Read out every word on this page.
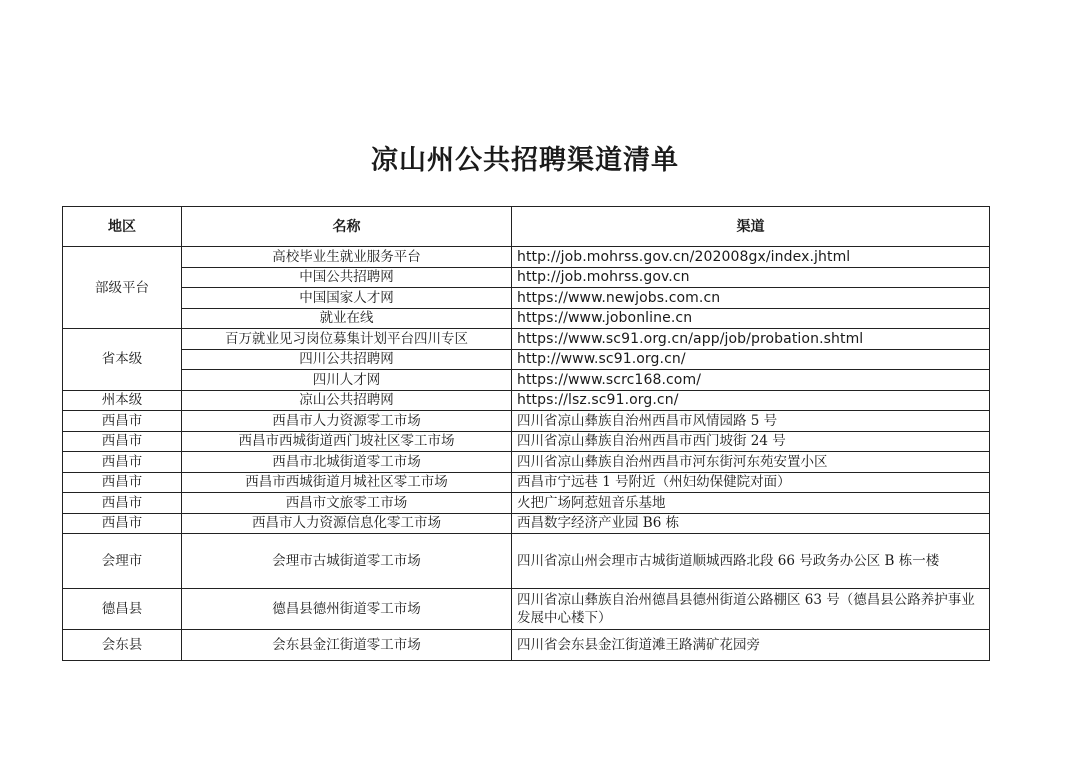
凉山州公共招聘渠道清单
地区	名称	渠道
部级平台	高校毕业生就业服务平台	http://job.mohrss.gov.cn/202008gx/index.jhtml
	中国公共招聘网	http://job.mohrss.gov.cn
	中国国家人才网	https://www.newjobs.com.cn
	就业在线	https://www.jobonline.cn
省本级	百万就业见习岗位募集计划平台四川专区	https://www.sc91.org.cn/app/job/probation.shtml
	四川公共招聘网	http://www.sc91.org.cn/
	四川人才网	https://www.scrc168.com/
州本级	凉山公共招聘网	https://lsz.sc91.org.cn/
西昌市	西昌市人力资源零工市场	四川省凉山彝族自治州西昌市风情园路 5 号
西昌市	西昌市西城街道西门坡社区零工市场	四川省凉山彝族自治州西昌市西门坡街 24 号
西昌市	西昌市北城街道零工市场	四川省凉山彝族自治州西昌市河东街河东苑安置小区
西昌市	西昌市西城街道月城社区零工市场	西昌市宁远巷 1 号附近（州妇幼保健院对面）
西昌市	西昌市文旅零工市场	火把广场阿惹妞音乐基地
西昌市	西昌市人力资源信息化零工市场	西昌数字经济产业园 B6 栋
会理市	会理市古城街道零工市场	四川省凉山州会理市古城街道顺城西路北段 66 号政务办公区 B 栋一楼
德昌县	德昌县德州街道零工市场	四川省凉山彝族自治州德昌县德州街道公路棚区 63 号（德昌县公路养护事业发展中心楼下）
会东县	会东县金江街道零工市场	四川省会东县金江街道滩王路满矿花园旁
